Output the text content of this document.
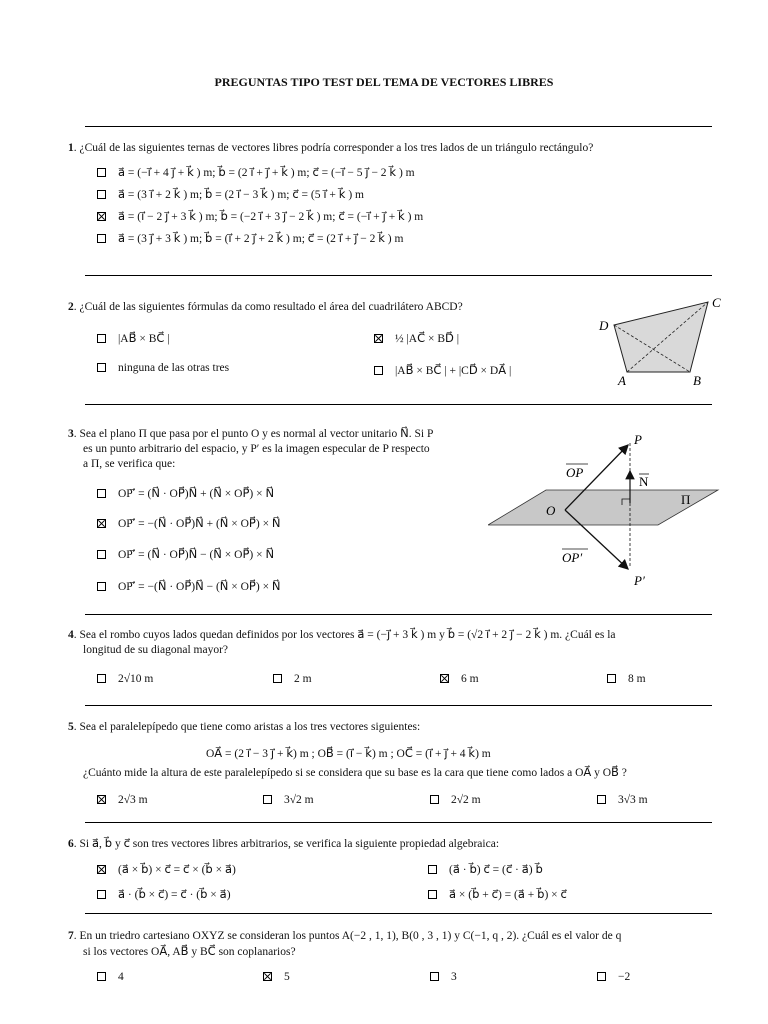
PREGUNTAS TIPO TEST DEL TEMA DE VECTORES LIBRES
1. ¿Cuál de las siguientes ternas de vectores libres podría corresponder a los tres lados de un triángulo rectángulo?
a⃗ = (−i⃗ + 4 j⃗ + k⃗ ) m; b⃗ = (2 i⃗ + j⃗ + k⃗ ) m; c⃗ = (−i⃗ − 5 j⃗ − 2 k⃗ ) m
a⃗ = (3 i⃗ + 2 k⃗ ) m; b⃗ = (2 i⃗ − 3 k⃗ ) m; c⃗ = (5 i⃗ + k⃗ ) m
a⃗ = (i⃗ − 2 j⃗ + 3 k⃗ ) m; b⃗ = (−2 i⃗ + 3 j⃗ − 2 k⃗ ) m; c⃗ = (−i⃗ + j⃗ + k⃗ ) m
a⃗ = (3 j⃗ + 3 k⃗ ) m; b⃗ = (i⃗ + 2 j⃗ + 2 k⃗ ) m; c⃗ = (2 i⃗ + j⃗ − 2 k⃗ ) m
2. ¿Cuál de las siguientes fórmulas da como resultado el área del cuadrilátero ABCD?
|AB⃗ × BC⃗ |	½ |AC⃗ × BD⃗ |
ninguna de las otras tres	|AB⃗ × BC⃗ | + |CD⃗ × DA⃗ |
D
C
A	B
3. Sea el plano Π que pasa por el punto O y es normal al vector unitario N⃗. Si P
es un punto arbitrario del espacio, y P′ es la imagen especular de P respecto
a Π, se verifica que:
OP′⃗ = (N⃗ · OP⃗)N⃗ + (N⃗ × OP⃗) × N⃗
OP′⃗ = −(N⃗ · OP⃗)N⃗ + (N⃗ × OP⃗) × N⃗
OP′⃗ = (N⃗ · OP⃗)N⃗ − (N⃗ × OP⃗) × N⃗
OP′⃗ = −(N⃗ · OP⃗)N⃗ − (N⃗ × OP⃗) × N⃗
P
P′
O
OP
OP′
N
Π
4. Sea el rombo cuyos lados quedan definidos por los vectores a⃗ = (−j⃗ + 3 k⃗ ) m y b⃗ = (√2 i⃗ + 2 j⃗ − 2 k⃗ ) m. ¿Cuál es la
longitud de su diagonal mayor?
2√10 m	2 m	6 m	8 m
5. Sea el paralelepípedo que tiene como aristas a los tres vectores siguientes:
OA⃗ = (2 i⃗ − 3 j⃗ + k⃗) m ; OB⃗ = (i⃗ − k⃗) m ; OC⃗ = (i⃗ + j⃗ + 4 k⃗) m
¿Cuánto mide la altura de este paralelepípedo si se considera que su base es la cara que tiene como lados a OA⃗ y OB⃗ ?
2√3 m	3√2 m	2√2 m	3√3 m
6. Si a⃗, b⃗ y c⃗ son tres vectores libres arbitrarios, se verifica la siguiente propiedad algebraica:
(a⃗ × b⃗) × c⃗ = c⃗ × (b⃗ × a⃗)	(a⃗ · b⃗) c⃗ = (c⃗ · a⃗) b⃗
a⃗ · (b⃗ × c⃗) = c⃗ · (b⃗ × a⃗)	a⃗ × (b⃗ + c⃗) = (a⃗ + b⃗) × c⃗
7. En un triedro cartesiano OXYZ se consideran los puntos A(−2 , 1, 1), B(0 , 3 , 1) y C(−1, q , 2). ¿Cuál es el valor de q
si los vectores OA⃗, AB⃗ y BC⃗ son coplanarios?
4	5	3	−2
